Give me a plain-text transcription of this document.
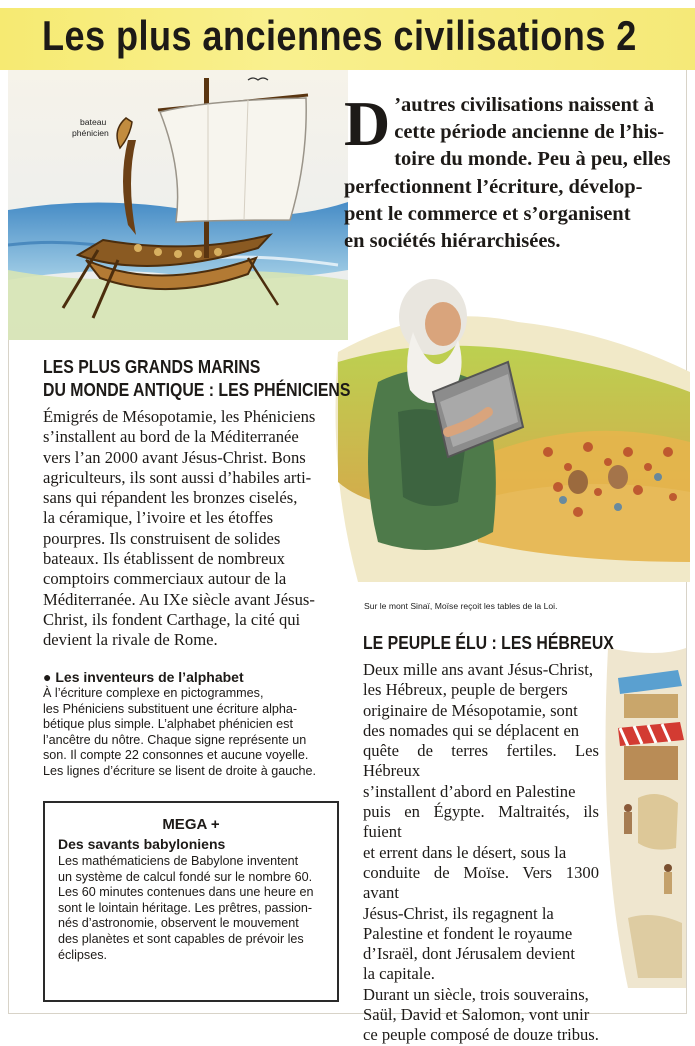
Les plus anciennes civilisations 2
bateau
phénicien	D ’autres civilisations naissent à
cette période ancienne de l’his-
toire du monde. Peu à peu, elles
perfectionnent l’écriture, dévelop-
pent le commerce et s’organisent
en sociétés hiérarchisées.
Sur le mont Sinaï, Moïse reçoit les tables de la Loi.
LES PLUS GRANDS MARINS
DU MONDE ANTIQUE : LES PHÉNICIENS
Émigrés de Mésopotamie, les Phéniciens
s’installent au bord de la Méditerranée
vers l’an 2000 avant Jésus-Christ. Bons
agriculteurs, ils sont aussi d’habiles arti-
sans qui répandent les bronzes ciselés,
la céramique, l’ivoire et les étoffes
pourpres. Ils construisent de solides
bateaux. Ils établissent de nombreux
comptoirs commerciaux autour de la
Méditerranée. Au IXe siècle avant Jésus-
Christ, ils fondent Carthage, la cité qui
devient la rivale de Rome.
● Les inventeurs de l’alphabet
À l’écriture complexe en pictogrammes,
les Phéniciens substituent une écriture alpha-
bétique plus simple. L’alphabet phénicien est
l’ancêtre du nôtre. Chaque signe représente un
son. Il compte 22 consonnes et aucune voyelle.
Les lignes d’écriture se lisent de droite à gauche.
MEGA +
Des savants babyloniens
Les mathématiciens de Babylone inventent
un système de calcul fondé sur le nombre 60.
Les 60 minutes contenues dans une heure en
sont le lointain héritage. Les prêtres, passion-
nés d’astronomie, observent le mouvement
des planètes et sont capables de prévoir les
éclipses.
LE PEUPLE ÉLU : LES HÉBREUX
Deux mille ans avant Jésus-Christ,
les Hébreux, peuple de bergers
originaire de Mésopotamie, sont
des nomades qui se déplacent en
quête de terres fertiles. Les Hébreux
s’installent d’abord en Palestine
puis en Égypte. Maltraités, ils fuient
et errent dans le désert, sous la
conduite de Moïse. Vers 1300 avant
Jésus-Christ, ils regagnent la
Palestine et fondent le royaume
d’Israël, dont Jérusalem devient
la capitale.
Durant un siècle, trois souverains,
Saül, David et Salomon, vont unir
ce peuple composé de douze tribus.
